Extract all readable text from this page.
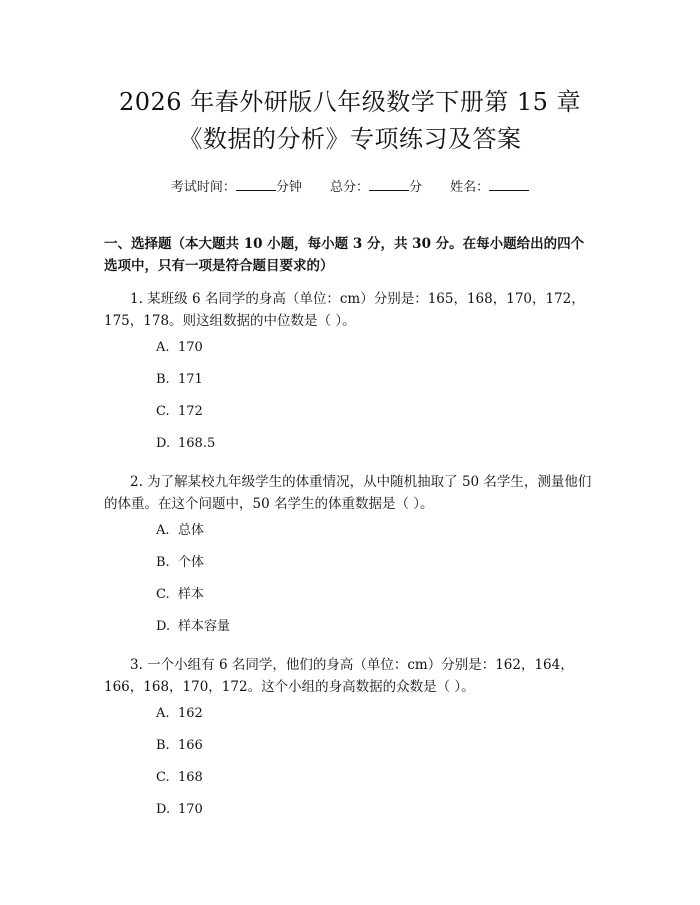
2026 年春外研版八年级数学下册第 15 章
《数据的分析》专项练习及答案
考试时间：	分钟 总分：	分 姓名：
一、选择题（本大题共 10 小题，每小题 3 分，共 30 分。在每小题给出的四个选项中，只有一项是符合题目要求的）
1. 某班级 6 名同学的身高（单位：cm）分别是：165，168，170，172，175，178。则这组数据的中位数是（ ）。
A. 170
B. 171
C. 172
D. 168.5
2. 为了解某校九年级学生的体重情况，从中随机抽取了 50 名学生，测量他们的体重。在这个问题中，50 名学生的体重数据是（ ）。
A. 总体
B. 个体
C. 样本
D. 样本容量
3. 一个小组有 6 名同学，他们的身高（单位：cm）分别是：162，164，166，168，170，172。这个小组的身高数据的众数是（ ）。
A. 162
B. 166
C. 168
D. 170
